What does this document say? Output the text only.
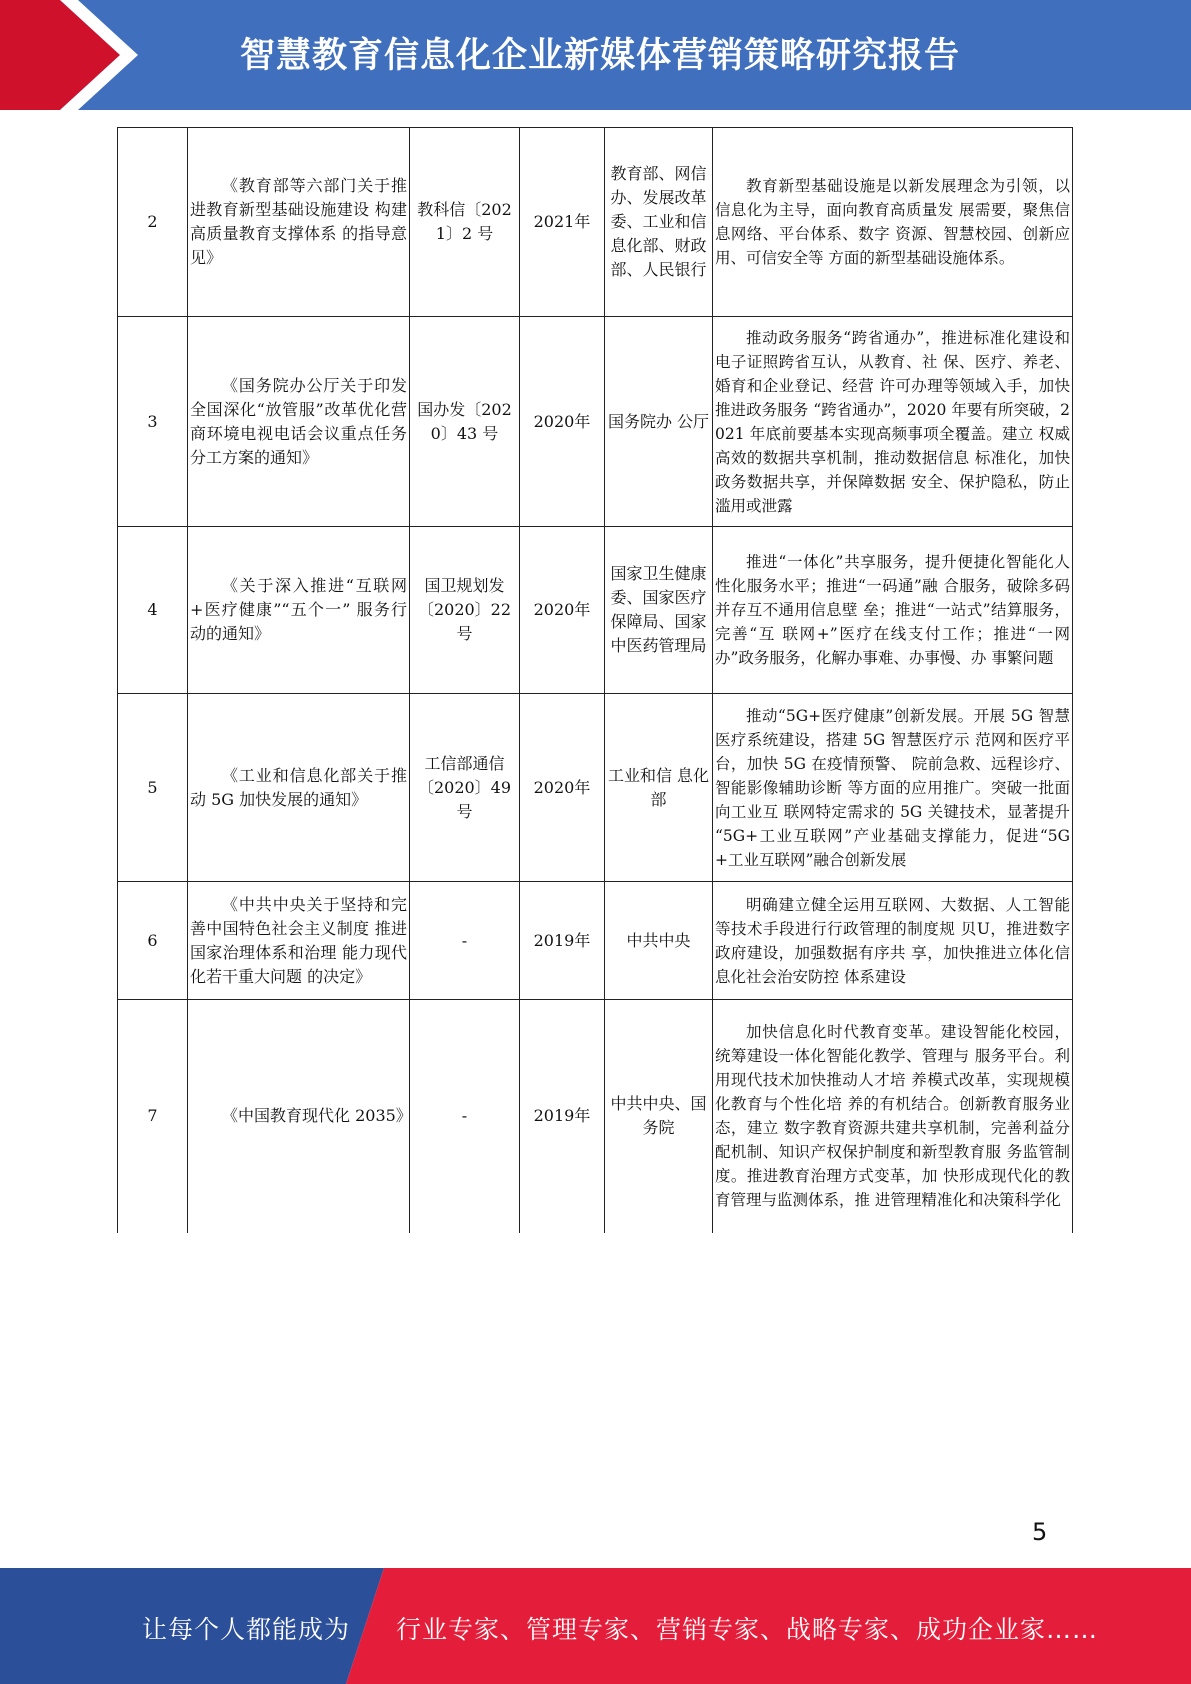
智慧教育信息化企业新媒体营销策略研究报告
2	《教育部等六部门关于推 进教育新型基础设施建设 构建高质量教育支撑体系 的指导意见》	教科信〔2021〕2 号	2021年	教育部、网信办、发展改革委、工业和信息化部、财政部、人民银行	教育新型基础设施是以新发展理念为引领，以信息化为主导，面向教育高质量发 展需要，聚焦信息网络、平台体系、数字 资源、智慧校园、创新应用、可信安全等 方面的新型基础设施体系。
3	《国务院办公厅关于印发 全国深化“放管服”改革优化营商环境电视电话会议重点任务分工方案的通知》	国办发〔2020〕43 号	2020年	国务院办 公厅	推动政务服务“跨省通办”，推进标准化建设和电子证照跨省互认，从教育、社 保、医疗、养老、婚育和企业登记、经营 许可办理等领域入手，加快推进政务服务 “跨省通办”，2020 年要有所突破，2021 年底前要基本实现高频事项全覆盖。建立 权威高效的数据共享机制，推动数据信息 标准化，加快政务数据共享，并保障数据 安全、保护隐私，防止滥用或泄露
4	《关于深入推进“互联网 +医疗健康”“五个一” 服务行动的通知》	国卫规划发〔2020〕22 号	2020年	国家卫生健康委、国家医疗保障局、国家中医药管理局	推进“一体化”共享服务，提升便捷化智能化人性化服务水平；推进“一码通”融 合服务，破除多码并存互不通用信息壁 垒；推进“一站式”结算服务，完善“互 联网+”医疗在线支付工作；推进“一网 办”政务服务，化解办事难、办事慢、办 事繁问题
5	《工业和信息化部关于推动 5G 加快发展的通知》	工信部通信〔2020〕49 号	2020年	工业和信 息化部	推动“5G+医疗健康”创新发展。开展 5G 智慧医疗系统建设，搭建 5G 智慧医疗示 范网和医疗平台，加快 5G 在疫情预警、 院前急救、远程诊疗、智能影像辅助诊断 等方面的应用推广。突破一批面向工业互 联网特定需求的 5G 关键技术，显著提升 “5G+工业互联网”产业基础支撑能力，促进“5G+工业互联网”融合创新发展
6	《中共中央关于坚持和完 善中国特色社会主义制度 推进国家治理体系和治理 能力现代化若干重大问题 的决定》	-	2019年	中共中央	明确建立健全运用互联网、大数据、人工智能等技术手段进行行政管理的制度规 贝U，推进数字政府建设，加强数据有序共 享，加快推进立体化信息化社会治安防控 体系建设
7	《中国教育现代化 2035》	-	2019年	中共中央、国务院	加快信息化时代教育变革。建设智能化校园，统筹建设一体化智能化教学、管理与 服务平台。利用现代技术加快推动人才培 养模式改革，实现规模化教育与个性化培 养的有机结合。创新教育服务业态，建立 数字教育资源共建共享机制，完善利益分 配机制、知识产权保护制度和新型教育服 务监管制度。推进教育治理方式变革，加 快形成现代化的教育管理与监测体系，推 进管理精准化和决策科学化
5
让每个人都能成为 行业专家、管理专家、营销专家、战略专家、成功企业家……
